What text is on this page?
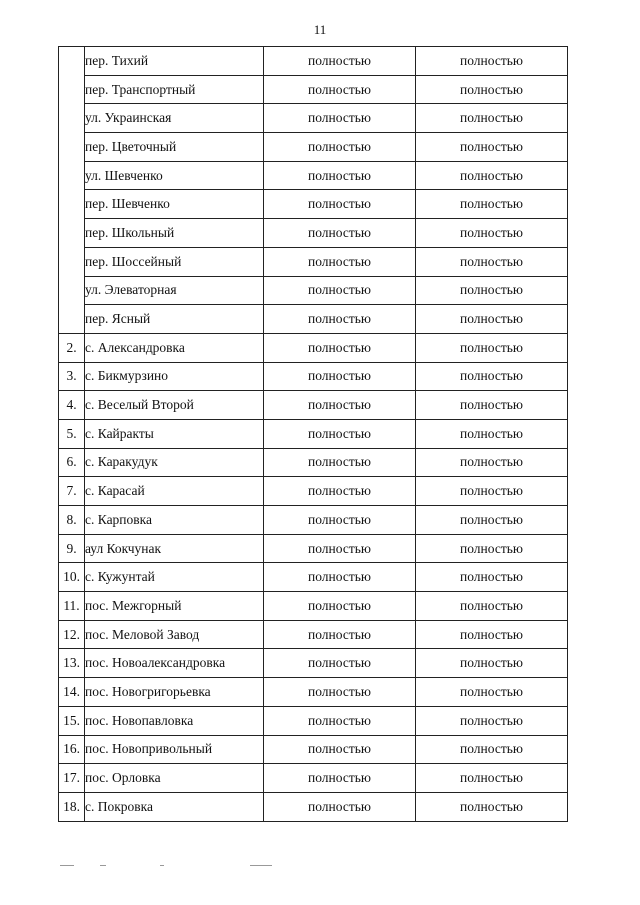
11
	пер. Тихий	полностью	полностью
	пер. Транспортный	полностью	полностью
	ул. Украинская	полностью	полностью
	пер. Цветочный	полностью	полностью
	ул. Шевченко	полностью	полностью
	пер. Шевченко	полностью	полностью
	пер. Школьный	полностью	полностью
	пер. Шоссейный	полностью	полностью
	ул. Элеваторная	полностью	полностью
	пер. Ясный	полностью	полностью
2.	с. Александровка	полностью	полностью
3.	с. Бикмурзино	полностью	полностью
4.	с. Веселый Второй	полностью	полностью
5.	с. Кайракты	полностью	полностью
6.	с. Каракудук	полностью	полностью
7.	с. Карасай	полностью	полностью
8.	с. Карповка	полностью	полностью
9.	аул Кокчунак	полностью	полностью
10.	с. Кужунтай	полностью	полностью
11.	пос. Межгорный	полностью	полностью
12.	пос. Меловой Завод	полностью	полностью
13.	пос. Новоалександровка	полностью	полностью
14.	пос. Новогригорьевка	полностью	полностью
15.	пос. Новопавловка	полностью	полностью
16.	пос. Новопривольный	полностью	полностью
17.	пос. Орловка	полностью	полностью
18.	с. Покровка	полностью	полностью
